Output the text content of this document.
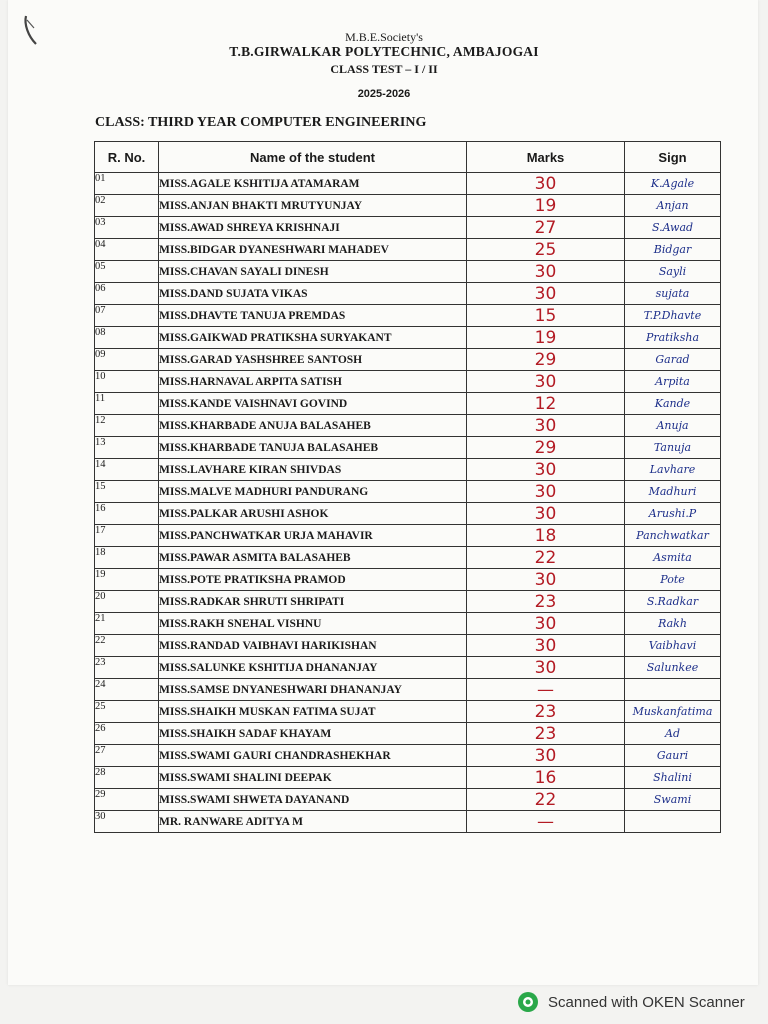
M.B.E.Society's
T.B.GIRWALKAR POLYTECHNIC, AMBAJOGAI
CLASS TEST – I / II
2025-2026
CLASS: THIRD YEAR COMPUTER ENGINEERING
R. No.	Name of the student	Marks	Sign
01	MISS.AGALE KSHITIJA ATAMARAM	30	K.Agale
02	MISS.ANJAN BHAKTI MRUTYUNJAY	19	Anjan
03	MISS.AWAD SHREYA KRISHNAJI	27	S.Awad
04	MISS.BIDGAR DYANESHWARI MAHADEV	25	Bidgar
05	MISS.CHAVAN SAYALI DINESH	30	Sayli
06	MISS.DAND SUJATA VIKAS	30	sujata
07	MISS.DHAVTE TANUJA PREMDAS	15	T.P.Dhavte
08	MISS.GAIKWAD PRATIKSHA SURYAKANT	19	Pratiksha
09	MISS.GARAD YASHSHREE SANTOSH	29	Garad
10	MISS.HARNAVAL ARPITA SATISH	30	Arpita
11	MISS.KANDE VAISHNAVI GOVIND	12	Kande
12	MISS.KHARBADE ANUJA BALASAHEB	30	Anuja
13	MISS.KHARBADE TANUJA BALASAHEB	29	Tanuja
14	MISS.LAVHARE KIRAN SHIVDAS	30	Lavhare
15	MISS.MALVE MADHURI PANDURANG	30	Madhuri
16	MISS.PALKAR ARUSHI ASHOK	30	Arushi.P
17	MISS.PANCHWATKAR URJA MAHAVIR	18	Panchwatkar
18	MISS.PAWAR ASMITA BALASAHEB	22	Asmita
19	MISS.POTE PRATIKSHA PRAMOD	30	Pote
20	MISS.RADKAR SHRUTI SHRIPATI	23	S.Radkar
21	MISS.RAKH SNEHAL VISHNU	30	Rakh
22	MISS.RANDAD VAIBHAVI HARIKISHAN	30	Vaibhavi
23	MISS.SALUNKE KSHITIJA DHANANJAY	30	Salunkee
24	MISS.SAMSE DNYANESHWARI DHANANJAY	—	
25	MISS.SHAIKH MUSKAN FATIMA SUJAT	23	Muskanfatima
26	MISS.SHAIKH SADAF KHAYAM	23	Ad
27	MISS.SWAMI GAURI CHANDRASHEKHAR	30	Gauri
28	MISS.SWAMI SHALINI DEEPAK	16	Shalini
29	MISS.SWAMI SHWETA DAYANAND	22	Swami
30	MR. RANWARE ADITYA M	—	
Scanned with OKEN Scanner
